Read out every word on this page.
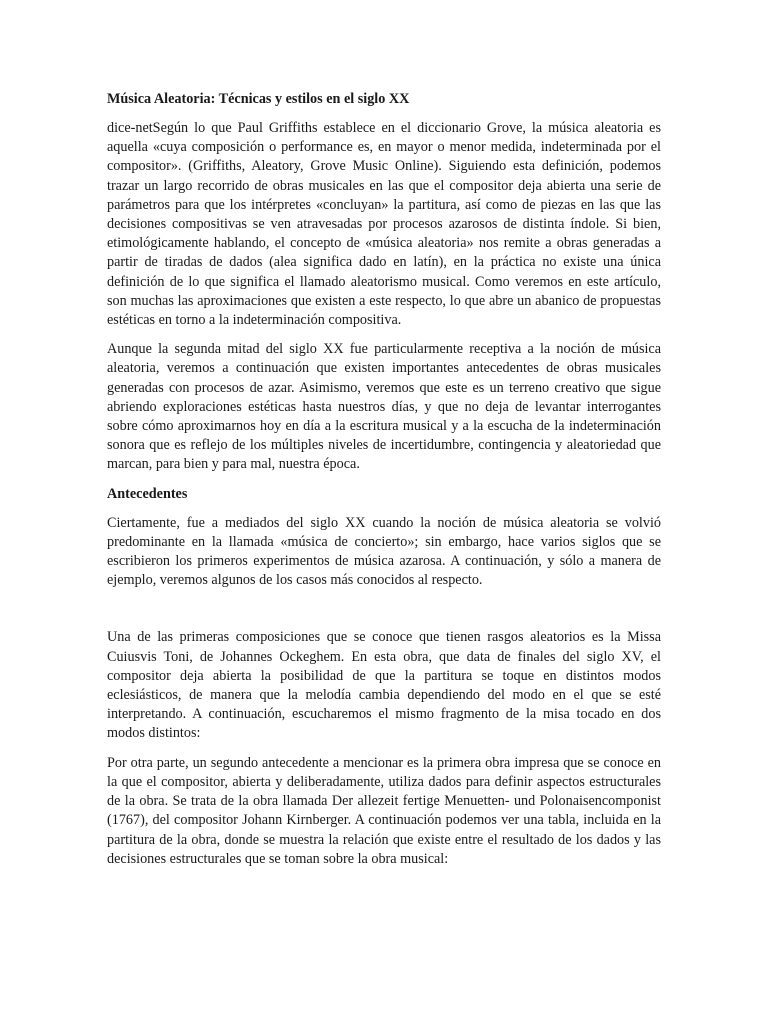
Música Aleatoria: Técnicas y estilos en el siglo XX

dice-netSegún lo que Paul Griffiths establece en el diccionario Grove, la música aleatoria es aquella «cuya composición o performance es, en mayor o menor medida, indeterminada por el compositor». (Griffiths, Aleatory, Grove Music Online). Siguiendo esta definición, podemos trazar un largo recorrido de obras musicales en las que el compositor deja abierta una serie de parámetros para que los intérpretes «concluyan» la partitura, así como de piezas en las que las decisiones compositivas se ven atravesadas por procesos azarosos de distinta índole. Si bien, etimológicamente hablando, el concepto de «música aleatoria» nos remite a obras generadas a partir de tiradas de dados (alea significa dado en latín), en la práctica no existe una única definición de lo que significa el llamado aleatorismo musical. Como veremos en este artículo, son muchas las aproximaciones que existen a este respecto, lo que abre un abanico de propuestas estéticas en torno a la indeterminación compositiva.

Aunque la segunda mitad del siglo XX fue particularmente receptiva a la noción de música aleatoria, veremos a continuación que existen importantes antecedentes de obras musicales generadas con procesos de azar. Asimismo, veremos que este es un terreno creativo que sigue abriendo exploraciones estéticas hasta nuestros días, y que no deja de levantar interrogantes sobre cómo aproximarnos hoy en día a la escritura musical y a la escucha de la indeterminación sonora que es reflejo de los múltiples niveles de incertidumbre, contingencia y aleatoriedad que marcan, para bien y para mal, nuestra época.

Antecedentes

Ciertamente, fue a mediados del siglo XX cuando la noción de música aleatoria se volvió predominante en la llamada «música de concierto»; sin embargo, hace varios siglos que se escribieron los primeros experimentos de música azarosa. A continuación, y sólo a manera de ejemplo, veremos algunos de los casos más conocidos al respecto.

Una de las primeras composiciones que se conoce que tienen rasgos aleatorios es la Missa Cuiusvis Toni, de Johannes Ockeghem. En esta obra, que data de finales del siglo XV, el compositor deja abierta la posibilidad de que la partitura se toque en distintos modos eclesiásticos, de manera que la melodía cambia dependiendo del modo en el que se esté interpretando. A continuación, escucharemos el mismo fragmento de la misa tocado en dos modos distintos:

Por otra parte, un segundo antecedente a mencionar es la primera obra impresa que se conoce en la que el compositor, abierta y deliberadamente, utiliza dados para definir aspectos estructurales de la obra. Se trata de la obra llamada Der allezeit fertige Menuetten- und Polonaisencomponist (1767), del compositor Johann Kirnberger. A continuación podemos ver una tabla, incluida en la partitura de la obra, donde se muestra la relación que existe entre el resultado de los dados y las decisiones estructurales que se toman sobre la obra musical:
